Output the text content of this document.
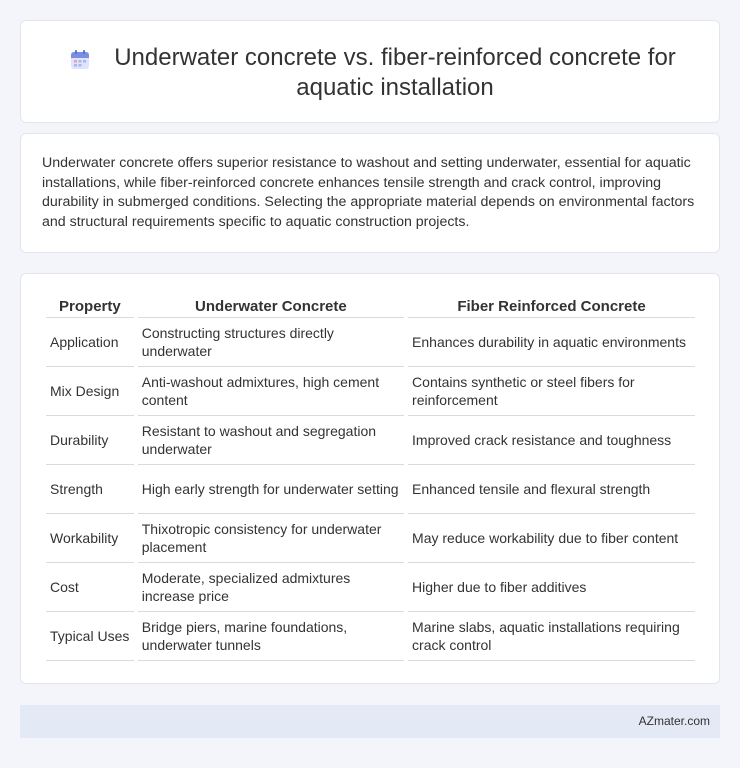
Underwater concrete vs. fiber-reinforced concrete for aquatic installation

Underwater concrete offers superior resistance to washout and setting underwater, essential for aquatic installations, while fiber-reinforced concrete enhances tensile strength and crack control, improving durability in submerged conditions. Selecting the appropriate material depends on environmental factors and structural requirements specific to aquatic construction projects.

Property	Underwater Concrete	Fiber Reinforced Concrete
Application	Constructing structures directly underwater	Enhances durability in aquatic environments
Mix Design	Anti-washout admixtures, high cement content	Contains synthetic or steel fibers for reinforcement
Durability	Resistant to washout and segregation underwater	Improved crack resistance and toughness
Strength	High early strength for underwater setting	Enhanced tensile and flexural strength
Workability	Thixotropic consistency for underwater placement	May reduce workability due to fiber content
Cost	Moderate, specialized admixtures increase price	Higher due to fiber additives
Typical Uses	Bridge piers, marine foundations, underwater tunnels	Marine slabs, aquatic installations requiring crack control
AZmater.com
